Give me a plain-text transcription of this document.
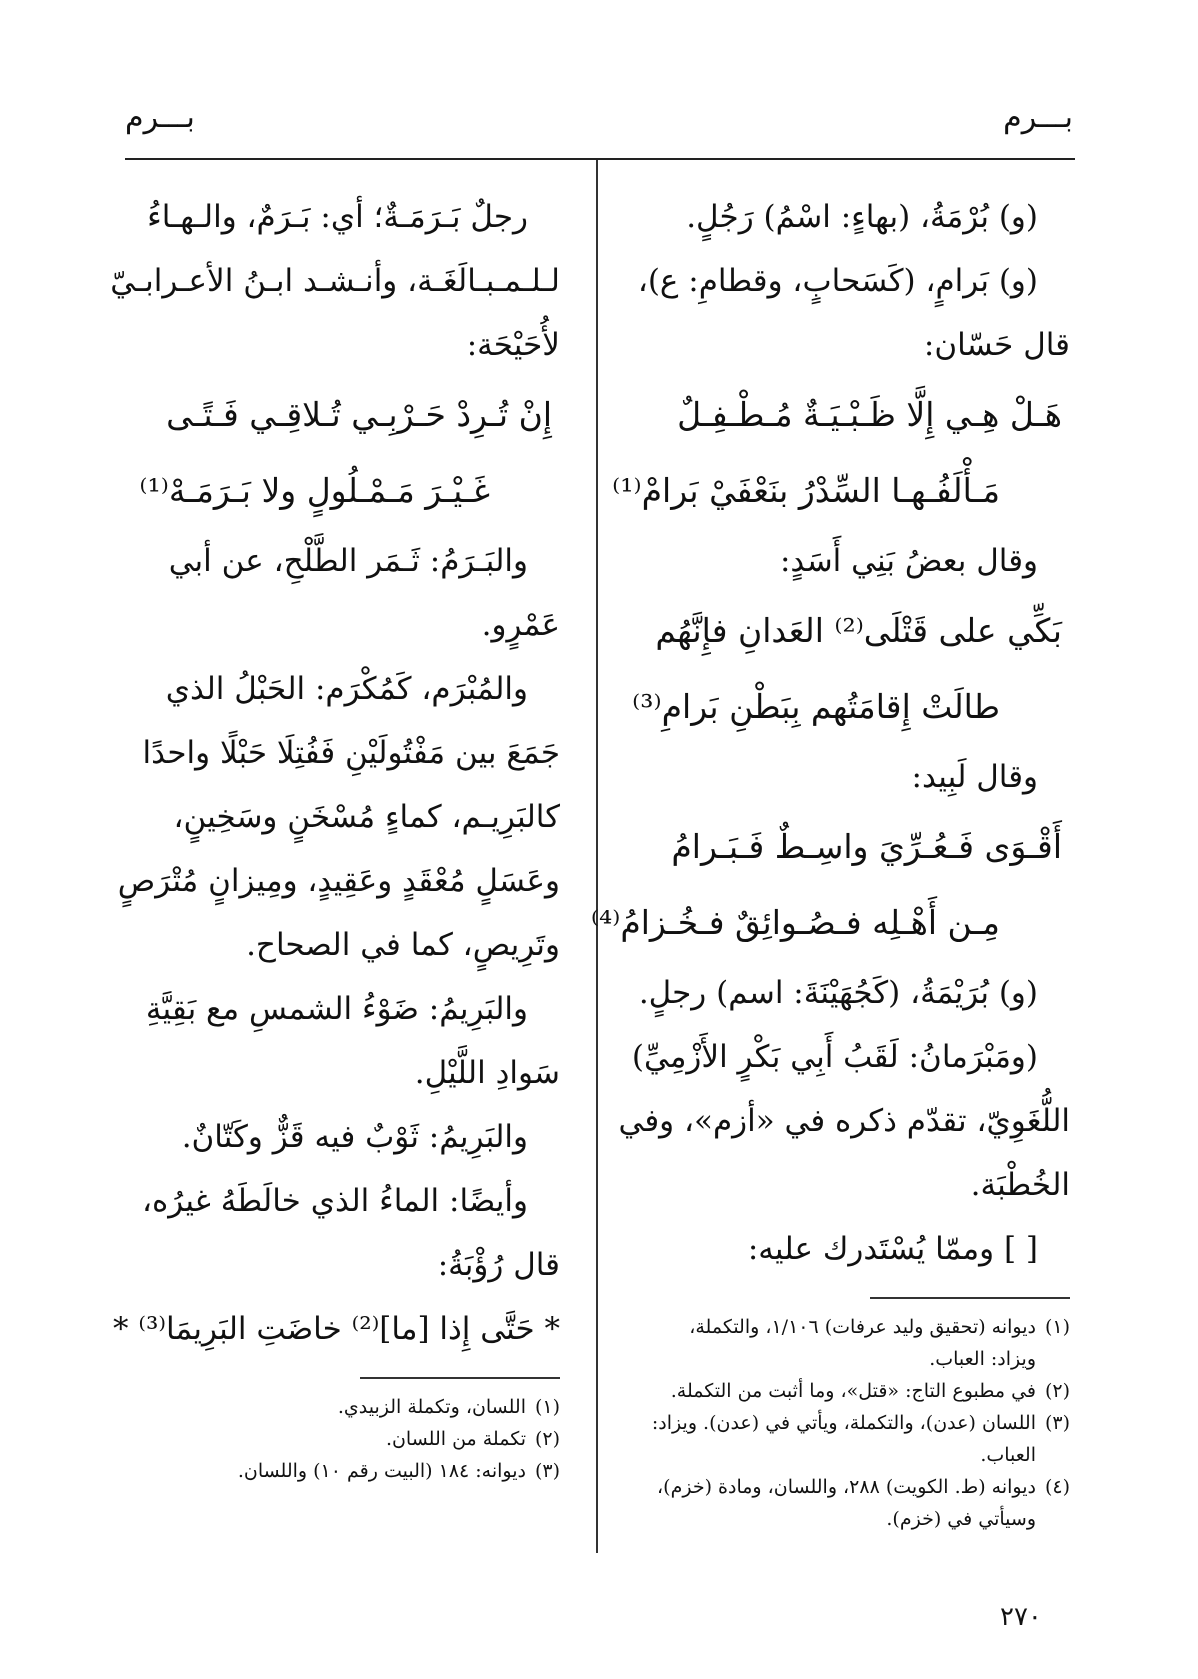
بـــرم
بـــرم
(و) بُرْمَةُ، (بهاءٍ: اسْمُ) رَجُلٍ.
(و) بَرامٍ، (كَسَحابٍ، وقطامِ: ع)،
قال حَسّان:
هَـلْ هِـي إِلَّا ظَـبْـيَـةٌ مُـطْـفِـلٌ
مَـأْلَفُـهـا السِّدْرُ بنَعْفَيْ بَرامْ⁽¹⁾
وقال بعضُ بَنِي أَسَدٍ:
بَكِّي على قَتْلَى⁽²⁾ العَدانِ فإِنَّهُم
طالَتْ إِقامَتُهم بِبَطْنِ بَرامِ⁽³⁾
وقال لَبِيد:
أَقْـوَى فَـعُـرِّيَ واسِـطٌ فَـبَـرامُ
مِـن أَهْـلِه فـصُـوائِقٌ فـخُـزامُ⁽⁴⁾
(و) بُرَيْمَةُ، (كَجُهَيْنَةَ: اسم) رجلٍ.
(ومَبْرَمانُ: لَقَبُ أَبِي بَكْرٍ الأَزْمِيِّ)
اللُّغَوِيّ، تقدّم ذكره في «أزم»، وفي
الخُطْبَة.
[ ] وممّا يُسْتَدرك عليه:
(١)ديوانه (تحقيق وليد عرفات) ١/١٠٦، والتكملة،
ويزاد: العباب.
(٢)في مطبوع التاج: «قتل»، وما أثبت من التكملة.
(٣)اللسان (عدن)، والتكملة، ويأتي في (عدن). ويزاد:
العباب.
(٤)ديوانه (ط. الكويت) ٢٨٨، واللسان، ومادة (خزم)،
وسيأتي في (خزم).
رجلٌ بَـرَمَـةٌ؛ أي: بَـرَمٌ، والـهـاءُ
لـلـمـبـالَغَـة، وأنـشـد ابـنُ الأعـرابـيّ
لأُحَيْحَة:
إِنْ تُـرِدْ حَـرْبِـي تُـلاقِـي فَـتًـى
غَـيْـرَ مَـمْـلُولٍ ولا بَـرَمَـهْ⁽¹⁾
والبَـرَمُ: ثَـمَر الطَّلْحِ، عن أبي
عَمْرٍو.
والمُبْرَم، كَمُكْرَم: الحَبْلُ الذي
جَمَعَ بين مَفْتُولَيْنِ فَفُتِلَا حَبْلًا واحدًا
كالبَرِيـم، كماءٍ مُسْخَنٍ وسَخِينٍ،
وعَسَلٍ مُعْقَدٍ وعَقِيدٍ، ومِيزانٍ مُتْرَصٍ
وتَرِيصٍ، كما في الصحاح.
والبَرِيمُ: ضَوْءُ الشمسِ مع بَقِيَّةِ
سَوادِ اللَّيْلِ.
والبَرِيمُ: ثَوْبٌ فيه قَزٌّ وكَتّانٌ.
وأيضًا: الماءُ الذي خالَطَهُ غيرُه،
قال رُؤْبَةُ:
* حَتَّى إِذا [ما]⁽²⁾ خاضَتِ البَرِيمَا⁽³⁾ *
(١)اللسان، وتكملة الزبيدي.
(٢)تكملة من اللسان.
(٣)ديوانه: ١٨٤ (البيت رقم ١٠) واللسان.
٢٧٠
